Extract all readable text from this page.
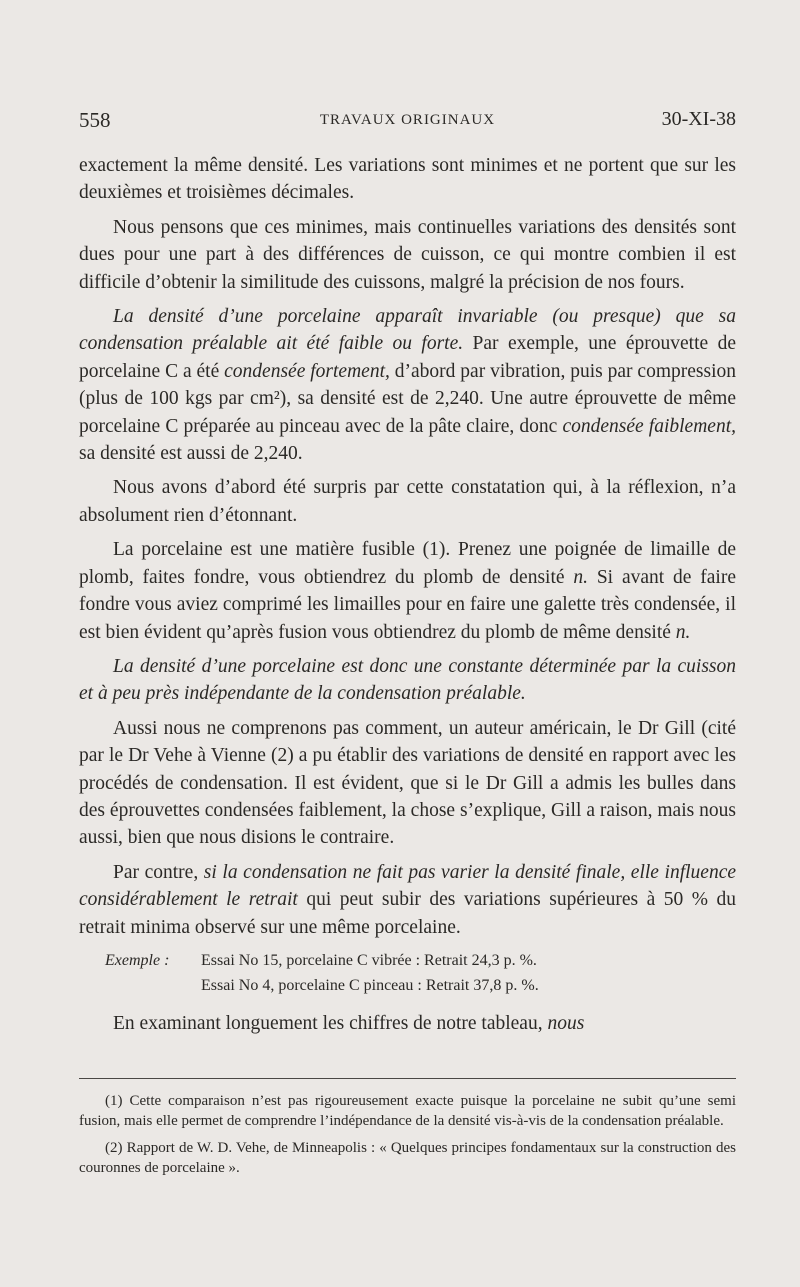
558	TRAVAUX ORIGINAUX	30-XI-38

exactement la même densité. Les variations sont minimes et ne portent que sur les deuxièmes et troisièmes décimales.

Nous pensons que ces minimes, mais continuelles variations des densités sont dues pour une part à des différences de cuisson, ce qui montre combien il est difficile d’obtenir la similitude des cuissons, malgré la précision de nos fours.

La densité d’une porcelaine apparaît invariable (ou presque) que sa condensation préalable ait été faible ou forte. Par exemple, une éprouvette de porcelaine C a été condensée fortement, d’abord par vibration, puis par compression (plus de 100 kgs par cm²), sa densité est de 2,240. Une autre éprouvette de même porcelaine C préparée au pinceau avec de la pâte claire, donc condensée faiblement, sa densité est aussi de 2,240.

Nous avons d’abord été surpris par cette constatation qui, à la réflexion, n’a absolument rien d’étonnant.

La porcelaine est une matière fusible (1). Prenez une poignée de limaille de plomb, faites fondre, vous obtiendrez du plomb de densité n. Si avant de faire fondre vous aviez comprimé les limailles pour en faire une galette très condensée, il est bien évident qu’après fusion vous obtiendrez du plomb de même densité n.

La densité d’une porcelaine est donc une constante déterminée par la cuisson et à peu près indépendante de la condensation préalable.

Aussi nous ne comprenons pas comment, un auteur américain, le Dr Gill (cité par le Dr Vehe à Vienne (2) a pu établir des variations de densité en rapport avec les procédés de condensation. Il est évident, que si le Dr Gill a admis les bulles dans des éprouvettes condensées faiblement, la chose s’explique, Gill a raison, mais nous aussi, bien que nous disions le contraire.

Par contre, si la condensation ne fait pas varier la densité finale, elle influence considérablement le retrait qui peut subir des variations supérieures à 50 % du retrait minima observé sur une même porcelaine.

Exemple :	Essai No 15, porcelaine C vibrée : Retrait 24,3 p. %.
Essai No 4, porcelaine C pinceau : Retrait 37,8 p. %.

En examinant longuement les chiffres de notre tableau, nous

(1) Cette comparaison n’est pas rigoureusement exacte puisque la porcelaine ne subit qu’une semi fusion, mais elle permet de comprendre l’indépendance de la densité vis-à-vis de la condensation préalable.

(2) Rapport de W. D. Vehe, de Minneapolis : « Quelques principes fondamentaux sur la construction des couronnes de porcelaine ».
